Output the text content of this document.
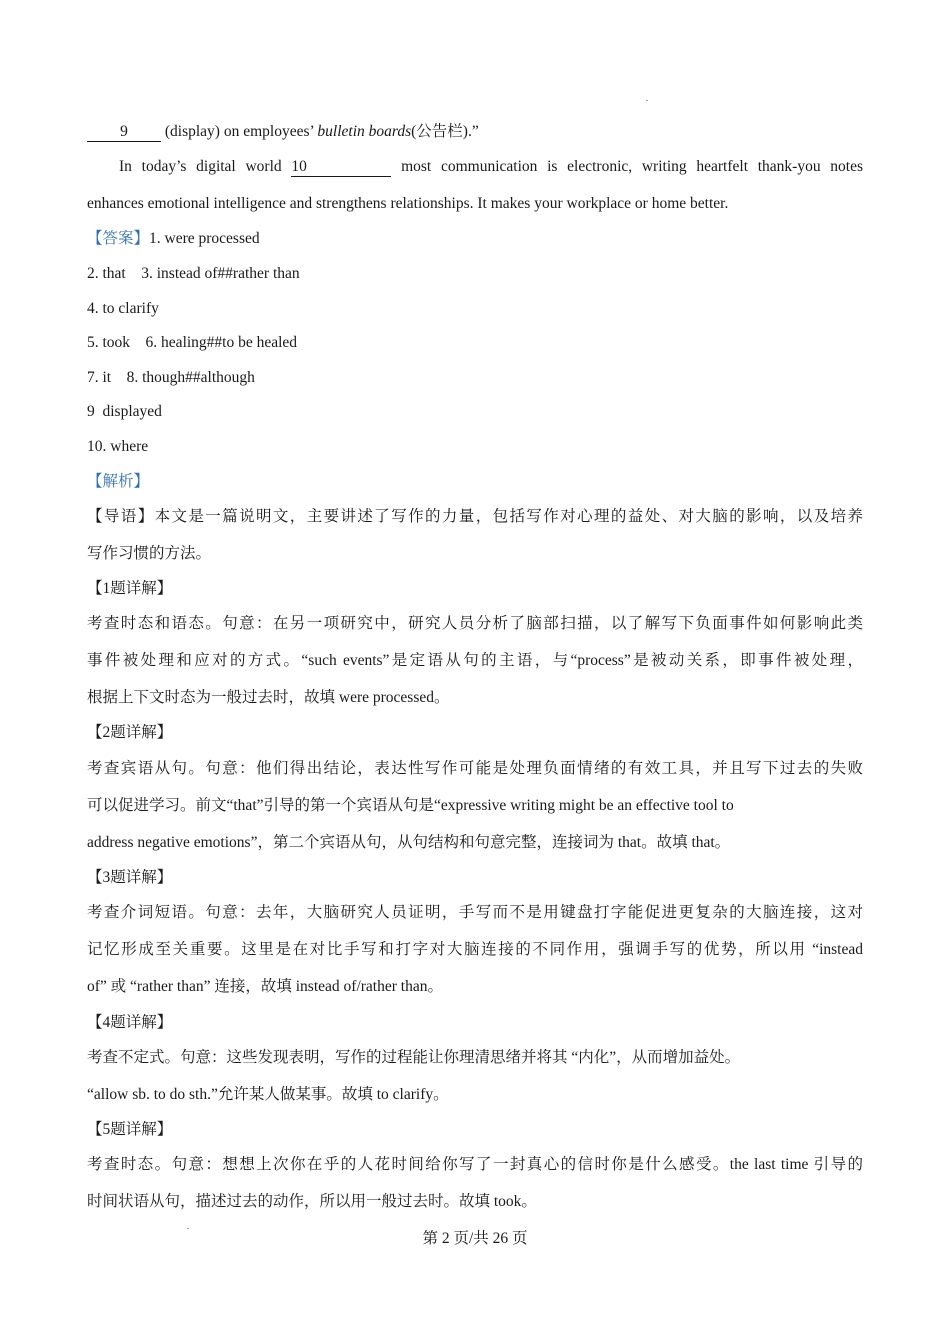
9 (display) on employees’ bulletin boards(公告栏).”
In today’s digital world 10	most communication is electronic, writing heartfelt thank-you notes
enhances emotional intelligence and strengthens relationships. It makes your workplace or home better.
【答案】1. were processed
2. that    3. instead of##rather than
4. to clarify
5. took    6. healing##to be healed
7. it    8. though##although
9  displayed
10. where
【解析】
【导语】本文是一篇说明文，主要讲述了写作的力量，包括写作对心理的益处、对大脑的影响，以及培养
写作习惯的方法。
【1题详解】
考查时态和语态。句意：在另一项研究中，研究人员分析了脑部扫描，以了解写下负面事件如何影响此类
事件被处理和应对的方式。“such events”是定语从句的主语，与“process”是被动关系，即事件被处理，
根据上下文时态为一般过去时，故填 were processed。
【2题详解】
考查宾语从句。句意：他们得出结论，表达性写作可能是处理负面情绪的有效工具，并且写下过去的失败
可以促进学习。前文“that”引导的第一个宾语从句是“expressive writing might be an effective tool to
address negative emotions”，第二个宾语从句，从句结构和句意完整，连接词为 that。故填 that。
【3题详解】
考查介词短语。句意：去年，大脑研究人员证明，手写而不是用键盘打字能促进更复杂的大脑连接，这对
记忆形成至关重要。这里是在对比手写和打字对大脑连接的不同作用，强调手写的优势，所以用 “instead
of” 或 “rather than” 连接，故填 instead of/rather than。
【4题详解】
考查不定式。句意：这些发现表明，写作的过程能让你理清思绪并将其 “内化”，从而增加益处。
“allow sb. to do sth.”允许某人做某事。故填 to clarify。
【5题详解】
考查时态。句意：想想上次你在乎的人花时间给你写了一封真心的信时你是什么感受。the last time 引导的
时间状语从句，描述过去的动作，所以用一般过去时。故填 took。
第 2 页/共 26 页
